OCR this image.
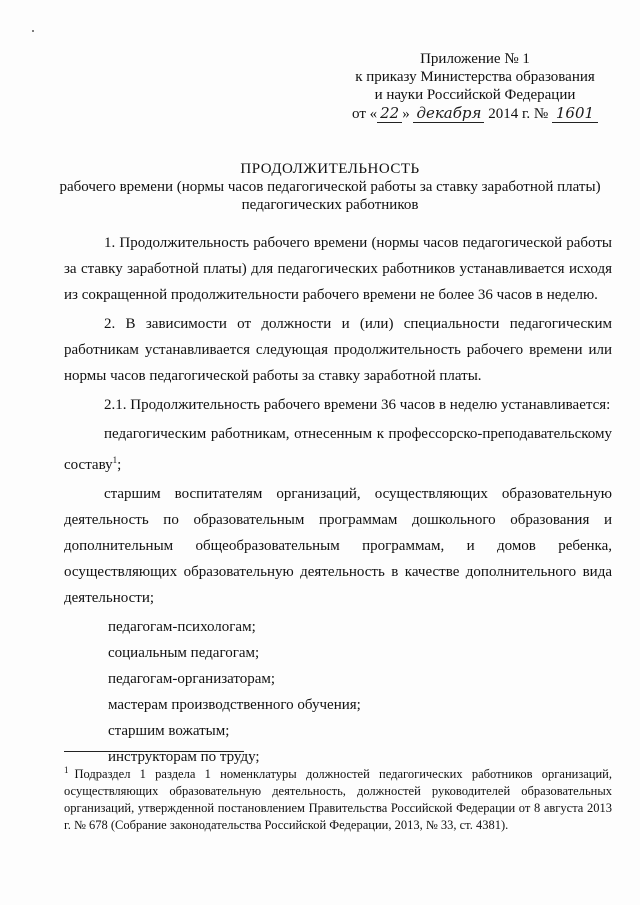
Приложение № 1
к приказу Министерства образования
и науки Российской Федерации
от « 22 » декабря 2014 г. № 1601
ПРОДОЛЖИТЕЛЬНОСТЬ
рабочего времени (нормы часов педагогической работы за ставку заработной платы)
педагогических работников

1. Продолжительность рабочего времени (нормы часов педагогической работы за ставку заработной платы) для педагогических работников устанавливается исходя из сокращенной продолжительности рабочего времени не более 36 часов в неделю.

2. В зависимости от должности и (или) специальности педагогическим работникам устанавливается следующая продолжительность рабочего времени или нормы часов педагогической работы за ставку заработной платы.

2.1. Продолжительность рабочего времени 36 часов в неделю устанавливается:

педагогическим работникам, отнесенным к профессорско-преподавательскому составу$^1$;

старшим воспитателям организаций, осуществляющих образовательную деятельность по образовательным программам дошкольного образования и дополнительным общеобразовательным программам, и домов ребенка, осуществляющих образовательную деятельность в качестве дополнительного вида деятельности;

педагогам-психологам;
социальным педагогам;
педагогам-организаторам;
мастерам производственного обучения;
старшим вожатым;
инструкторам по труду;
$^1$ Подраздел 1 раздела 1 номенклатуры должностей педагогических работников организаций, осуществляющих образовательную деятельность, должностей руководителей образовательных организаций, утвержденной постановлением Правительства Российской Федерации от 8 августа 2013 г. № 678 (Собрание законодательства Российской Федерации, 2013, № 33, ст. 4381).
